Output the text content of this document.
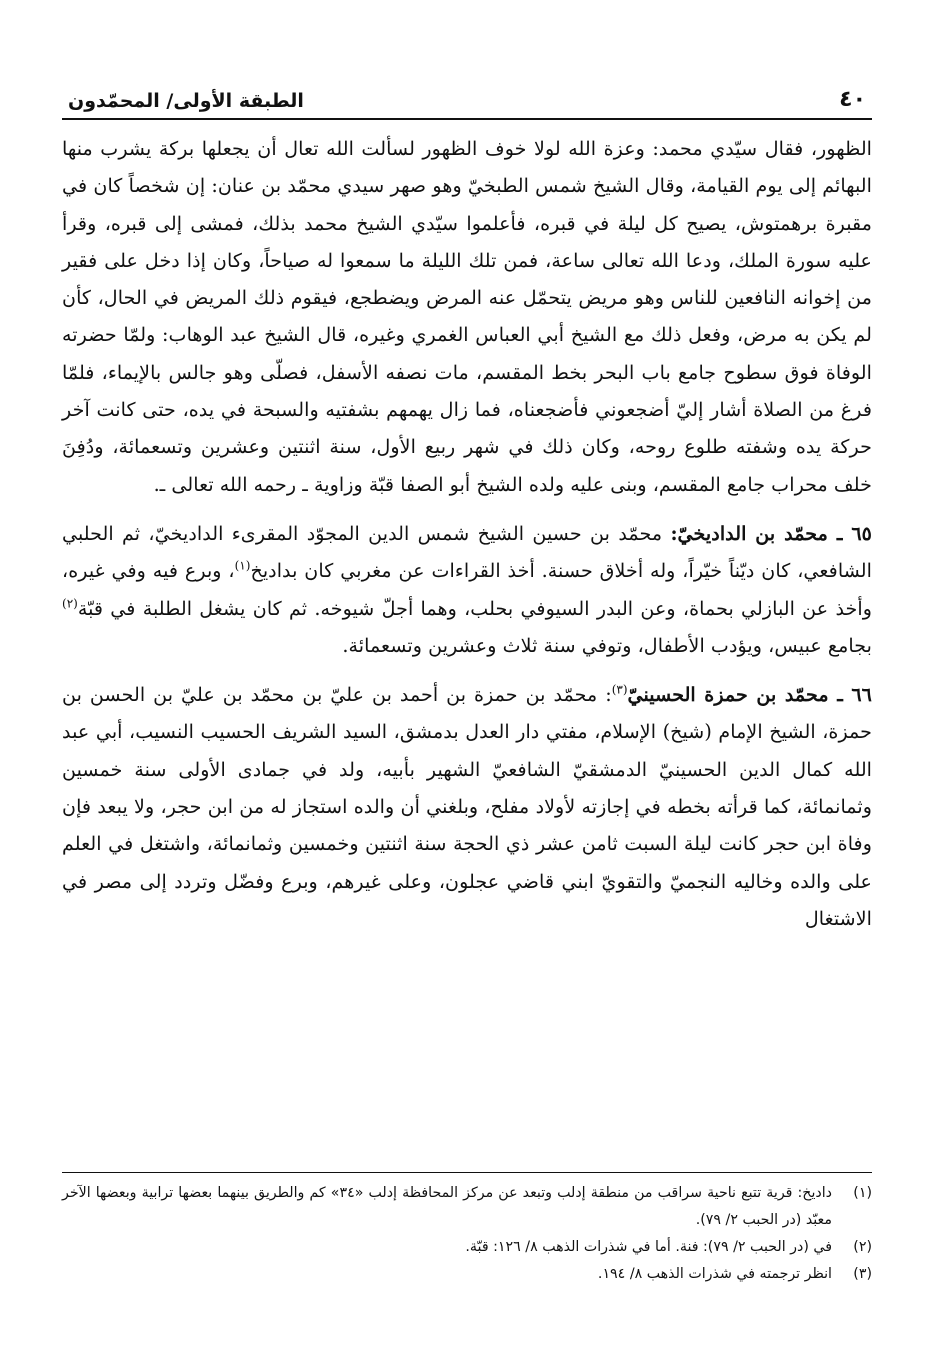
٤٠
الطبقة الأولى/ المحمّدون

الظهور، فقال سيّدي محمد: وعزة الله لولا خوف الظهور لسألت الله تعال أن يجعلها بركة يشرب منها البهائم إلى يوم القيامة، وقال الشيخ شمس الطبخيّ وهو صهر سيدي محمّد بن عنان: إن شخصاً كان في مقبرة برهمتوش، يصيح كل ليلة في قبره، فأعلموا سيّدي الشيخ محمد بذلك، فمشى إلى قبره، وقرأ عليه سورة الملك، ودعا الله تعالى ساعة، فمن تلك الليلة ما سمعوا له صياحاً، وكان إذا دخل على فقير من إخوانه النافعين للناس وهو مريض يتحمّل عنه المرض ويضطجع، فيقوم ذلك المريض في الحال، كأن لم يكن به مرض، وفعل ذلك مع الشيخ أبي العباس الغمري وغيره، قال الشيخ عبد الوهاب: ولمّا حضرته الوفاة فوق سطوح جامع باب البحر بخط المقسم، مات نصفه الأسفل، فصلّى وهو جالس بالإيماء، فلمّا فرغ من الصلاة أشار إليّ أضجعوني فأضجعناه، فما زال يهمهم بشفتيه والسبحة في يده، حتى كانت آخر حركة يده وشفته طلوع روحه، وكان ذلك في شهر ربيع الأول، سنة اثنتين وعشرين وتسعمائة، ودُفِنَ خلف محراب جامع المقسم، وبنى عليه ولده الشيخ أبو الصفا قبّة وزاوية ـ رحمه الله تعالى ـ.

٦٥ ـ محمّد بن الداديخيّ: محمّد بن حسين الشيخ شمس الدين المجوّد المقرىء الداديخيّ، ثم الحلبي الشافعي، كان ديّناً خيّراً، وله أخلاق حسنة. أخذ القراءات عن مغربي كان بداديخ$^{(١)}$، وبرع فيه وفي غيره، وأخذ عن البازلي بحماة، وعن البدر السيوفي بحلب، وهما أجلّ شيوخه. ثم كان يشغل الطلبة في قبّة$^{(٢)}$ بجامع عبيس، ويؤدب الأطفال، وتوفي سنة ثلاث وعشرين وتسعمائة.

٦٦ ـ محمّد بن حمزة الحسينيّ$^{(٣)}$: محمّد بن حمزة بن أحمد بن عليّ بن محمّد بن عليّ بن الحسن بن حمزة، الشيخ الإمام (شيخ) الإسلام، مفتي دار العدل بدمشق، السيد الشريف الحسيب النسيب، أبي عبد الله كمال الدين الحسينيّ الدمشقيّ الشافعيّ الشهير بأبيه، ولد في جمادى الأولى سنة خمسين وثمانمائة، كما قرأته بخطه في إجازته لأولاد مفلح، وبلغني أن والده استجاز له من ابن حجر، ولا يبعد فإن وفاة ابن حجر كانت ليلة السبت ثامن عشر ذي الحجة سنة اثنتين وخمسين وثمانمائة، واشتغل في العلم على والده وخاليه النجميّ والتقويّ ابني قاضي عجلون، وعلى غيرهم، وبرع وفضّل وتردد إلى مصر في الاشتغال

(١)
داديخ: قرية تتبع ناحية سراقب من منطقة إدلب وتبعد عن مركز المحافظة إدلب «٣٤» كم والطريق بينهما بعضها ترابية وبعضها الآخر معبّد (در الحبب ٢/ ٧٩).
(٢)
في (در الحبب ٢/ ٧٩): فنة. أما في شذرات الذهب ٨/ ١٢٦: قبّة.
(٣)
انظر ترجمته في شذرات الذهب ٨/ ١٩٤.
